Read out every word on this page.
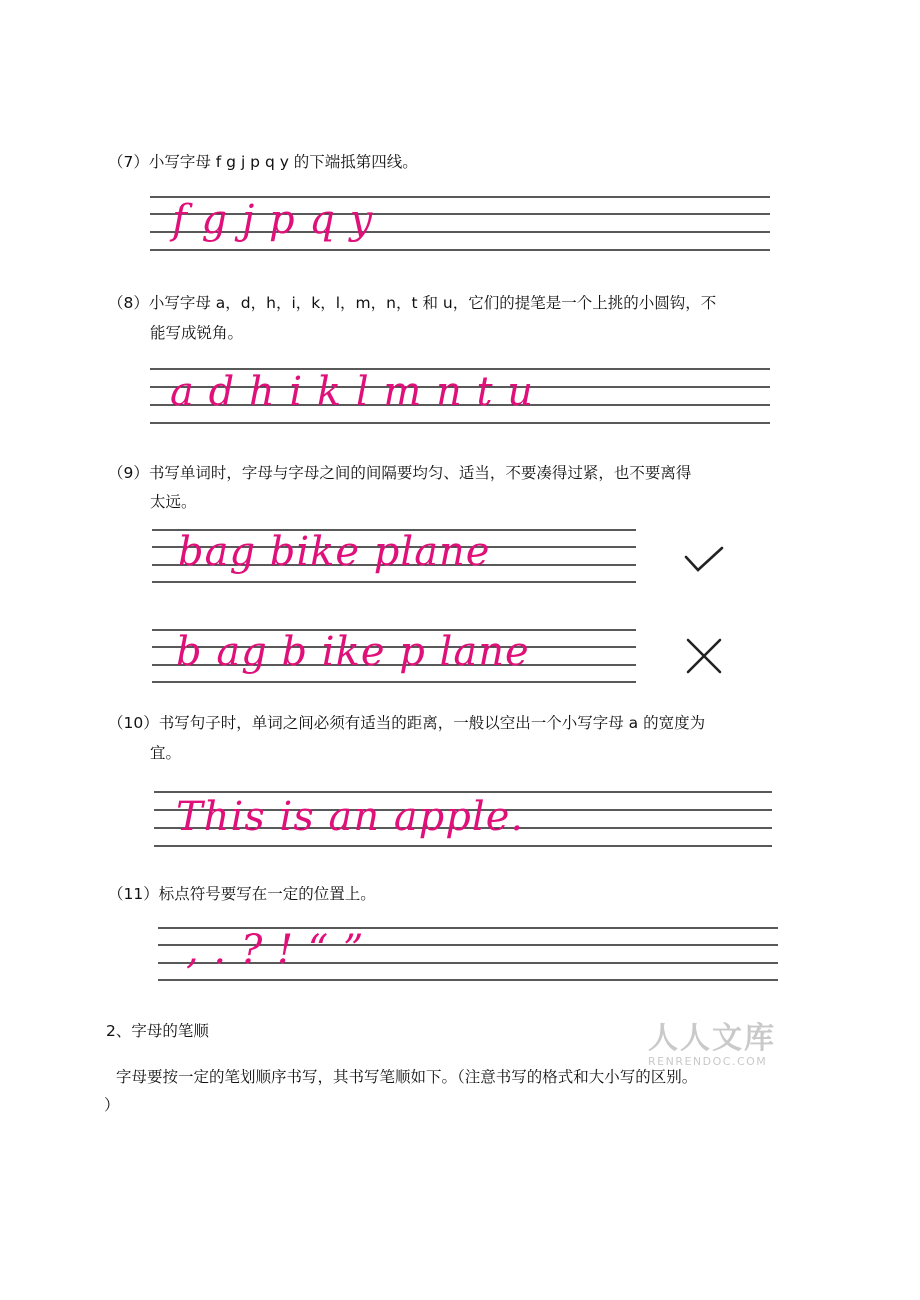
（7）小写字母 f g j p q y 的下端抵第四线。
f g j p q y
（8）小写字母 a，d，h，i，k，l，m，n，t 和 u，它们的提笔是一个上挑的小圆钩，不
能写成锐角。
a d h i k l m n t u
（9）书写单词时，字母与字母之间的间隔要均匀、适当，不要凑得过紧，也不要离得
太远。
bag bike plane
b ag b ike p lane
（10）书写句子时，单词之间必须有适当的距离，一般以空出一个小写字母 a 的宽度为
宜。
This is an apple.
（11）标点符号要写在一定的位置上。
, . ? ! “ ”
2、字母的笔顺
字母要按一定的笔划顺序书写，其书写笔顺如下。（注意书写的格式和大小写的区别。
）
人人文库
RENRENDOC.COM
